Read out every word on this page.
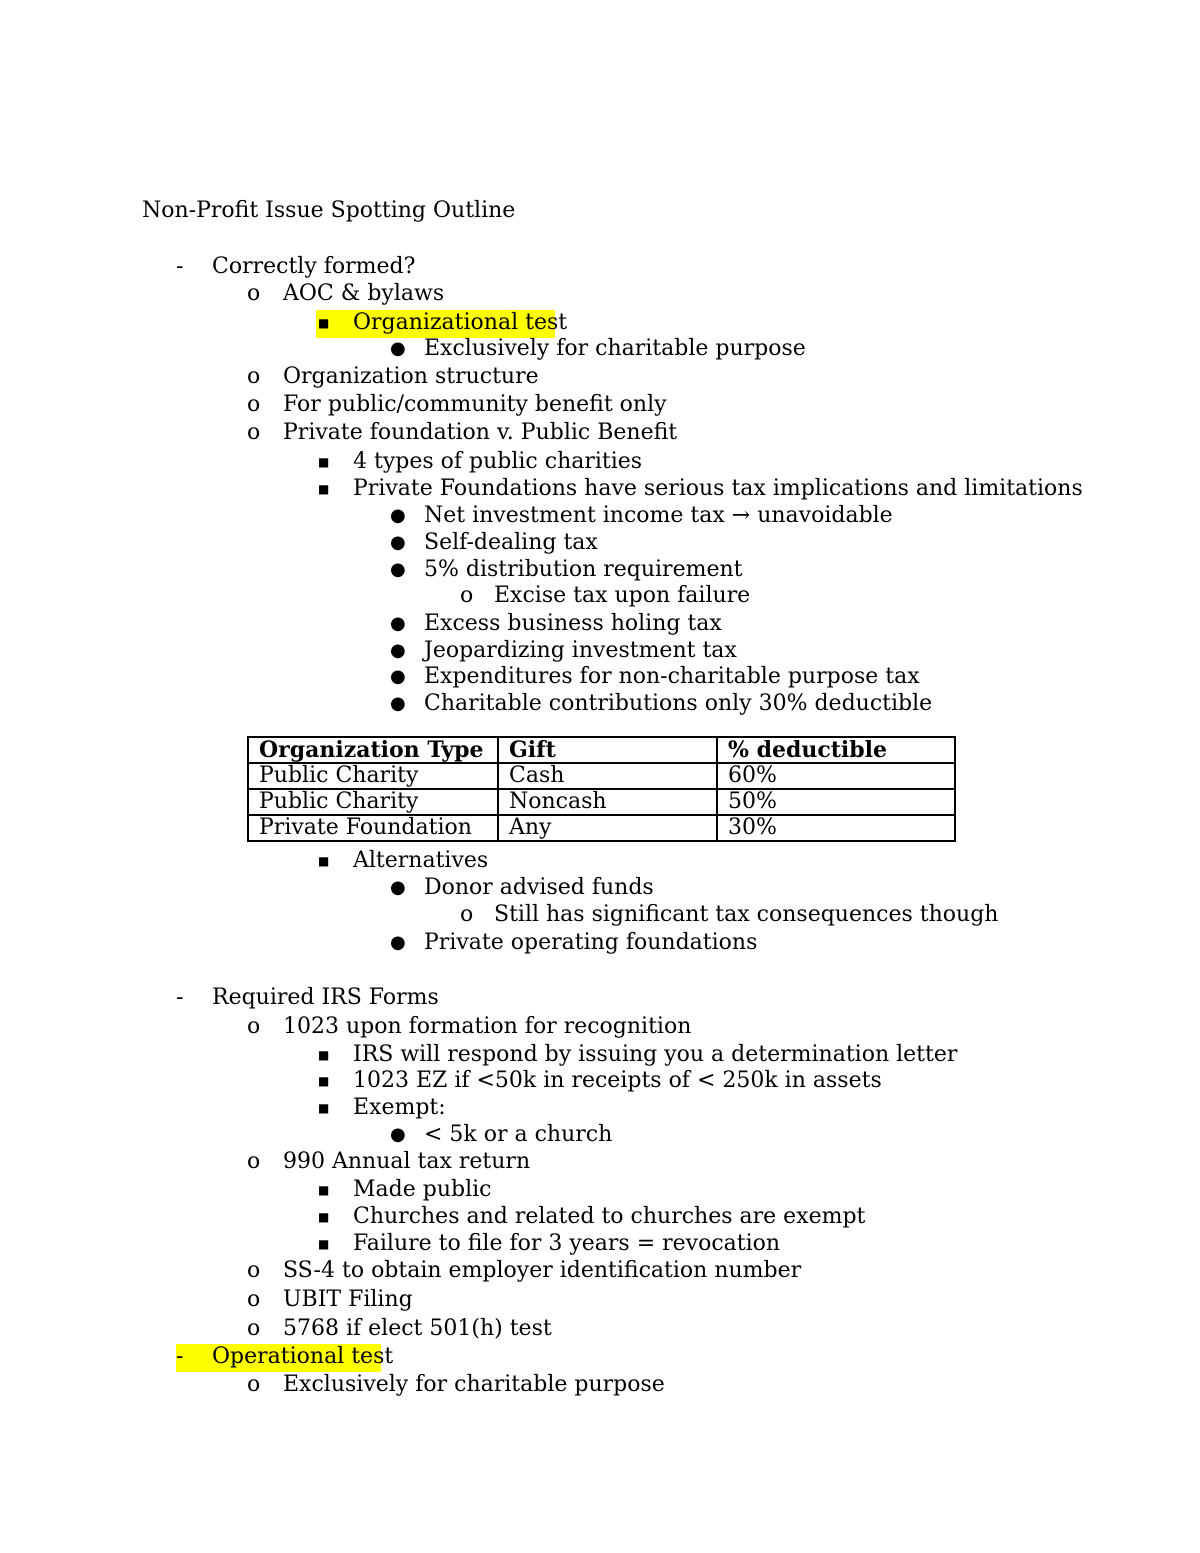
Non-Profit Issue Spotting Outline
- Correctly formed?
o AOC & bylaws
■ Organizational test
● Exclusively for charitable purpose
o Organization structure
o For public/community benefit only
o Private foundation v. Public Benefit
■ 4 types of public charities
■ Private Foundations have serious tax implications and limitations
● Net investment income tax → unavoidable
● Self-dealing tax
● 5% distribution requirement
o Excise tax upon failure
● Excess business holing tax
● Jeopardizing investment tax
● Expenditures for non-charitable purpose tax
● Charitable contributions only 30% deductible
Organization Type	Gift	% deductible
Public Charity	Cash	60%
Public Charity	Noncash	50%
Private Foundation	Any	30%
■ Alternatives
● Donor advised funds
o Still has significant tax consequences though
● Private operating foundations
- Required IRS Forms
o 1023 upon formation for recognition
■ IRS will respond by issuing you a determination letter
■ 1023 EZ if <50k in receipts of < 250k in assets
■ Exempt:
● < 5k or a church
o 990 Annual tax return
■ Made public
■ Churches and related to churches are exempt
■ Failure to file for 3 years = revocation
o SS-4 to obtain employer identification number
o UBIT Filing
o 5768 if elect 501(h) test
- Operational test
o Exclusively for charitable purpose
